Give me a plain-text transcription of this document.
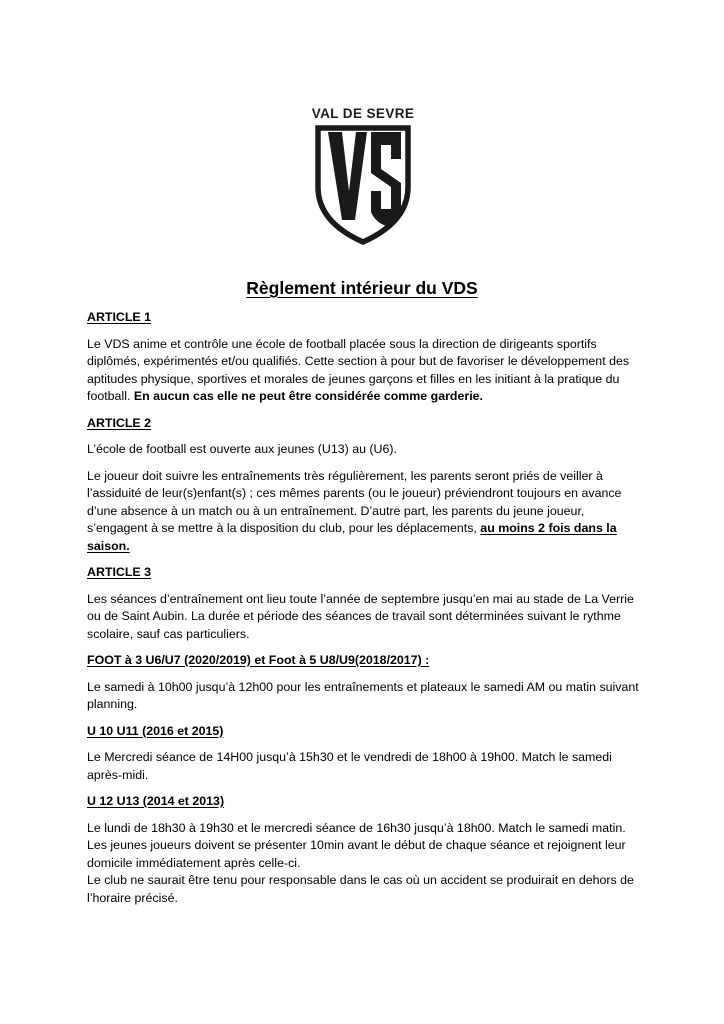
VAL DE SEVRE
Règlement intérieur du VDS

ARTICLE 1

Le VDS anime et contrôle une école de football placée sous la direction de dirigeants sportifs diplômés, expérimentés et/ou qualifiés. Cette section à pour but de favoriser le développement des aptitudes physique, sportives et morales de jeunes garçons et filles en les initiant à la pratique du football. En aucun cas elle ne peut être considérée comme garderie.

ARTICLE 2

L’école de football est ouverte aux jeunes (U13) au (U6).

Le joueur doit suivre les entraînements très régulièrement, les parents seront priés de veiller à l’assiduité de leur(s)enfant(s) ; ces mêmes parents (ou le joueur) préviendront toujours en avance d’une absence à un match ou à un entraînement. D’autre part, les parents du jeune joueur, s’engagent à se mettre à la disposition du club, pour les déplacements, au moins 2 fois dans la saison.

ARTICLE 3

Les séances d’entraînement ont lieu toute l’année de septembre jusqu’en mai au stade de La Verrie ou de Saint Aubin. La durée et période des séances de travail sont déterminées suivant le rythme scolaire, sauf cas particuliers.

FOOT à 3 U6/U7 (2020/2019) et Foot à 5 U8/U9(2018/2017) :

Le samedi à 10h00 jusqu’à 12h00 pour les entraînements et plateaux le samedi AM ou matin suivant planning.

U 10 U11 (2016 et 2015)

Le Mercredi séance de 14H00 jusqu’à 15h30 et le vendredi de 18h00 à 19h00. Match le samedi après-midi.

U 12 U13 (2014 et 2013)

Le lundi de 18h30 à 19h30 et le mercredi séance de 16h30 jusqu’à 18h00. Match le samedi matin.
Les jeunes joueurs doivent se présenter 10min avant le début de chaque séance et rejoignent leur domicile immédiatement après celle-ci.
Le club ne saurait être tenu pour responsable dans le cas où un accident se produirait en dehors de l’horaire précisé.
